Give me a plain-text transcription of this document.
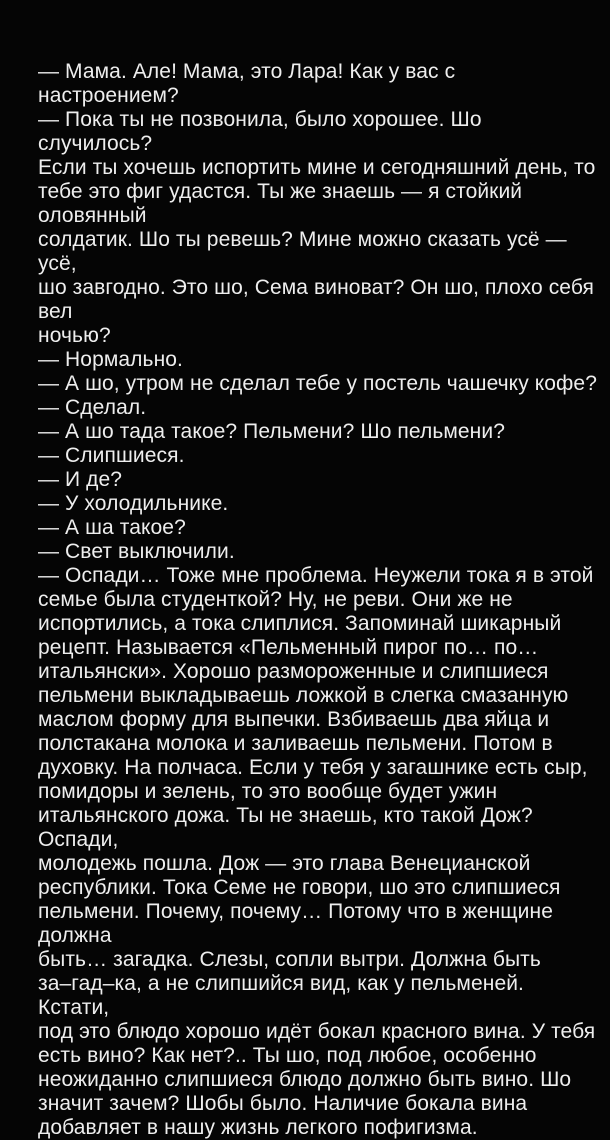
— Мама. Але! Мама, это Лара! Как у вас с настроением?
— Пока ты не позвонила, было хорошее. Шо случилось?
Если ты хочешь испортить мине и сегодняшний день, то
тебе это фиг удастся. Ты же знаешь — я стойкий оловянный
солдатик. Шо ты ревешь? Мине можно сказать усё — усё,
шо завгодно. Это шо, Сема виноват? Он шо, плохо себя вел
ночью?
— Нормально.
— А шо, утром не сделал тебе у постель чашечку кофе?
— Сделал.
— А шо тада такое? Пельмени? Шо пельмени?
— Слипшиеся.
— И де?
— У холодильнике.
— А ша такое?
— Свет выключили.
— Оспади… Тоже мне проблема. Неужели тока я в этой
семье была студенткой? Ну, не реви. Они же не
испортились, а тока слиплися. Запоминай шикарный
рецепт. Называется «Пельменный пирог по… по…
итальянски». Хорошо размороженные и слипшиеся
пельмени выкладываешь ложкой в слегка смазанную
маслом форму для выпечки. Взбиваешь два яйца и
полстакана молока и заливаешь пельмени. Потом в
духовку. На полчаса. Если у тебя у загашнике есть сыр,
помидоры и зелень, то это вообще будет ужин
итальянского дожа. Ты не знаешь, кто такой Дож? Оспади,
молодежь пошла. Дож — это глава Венецианской
республики. Тока Семе не говори, шо это слипшиеся
пельмени. Почему, почему… Потому что в женщине должна
быть… загадка. Слезы, сопли вытри. Должна быть
за–гад–ка, а не слипшийся вид, как у пельменей. Кстати,
под это блюдо хорошо идёт бокал красного вина. У тебя
есть вино? Как нет?.. Ты шо, под любое, особенно
неожиданно слипшиеся блюдо должно быть вино. Шо
значит зачем? Шобы было. Наличие бокала вина
добавляет в нашу жизнь легкого пофигизма.
